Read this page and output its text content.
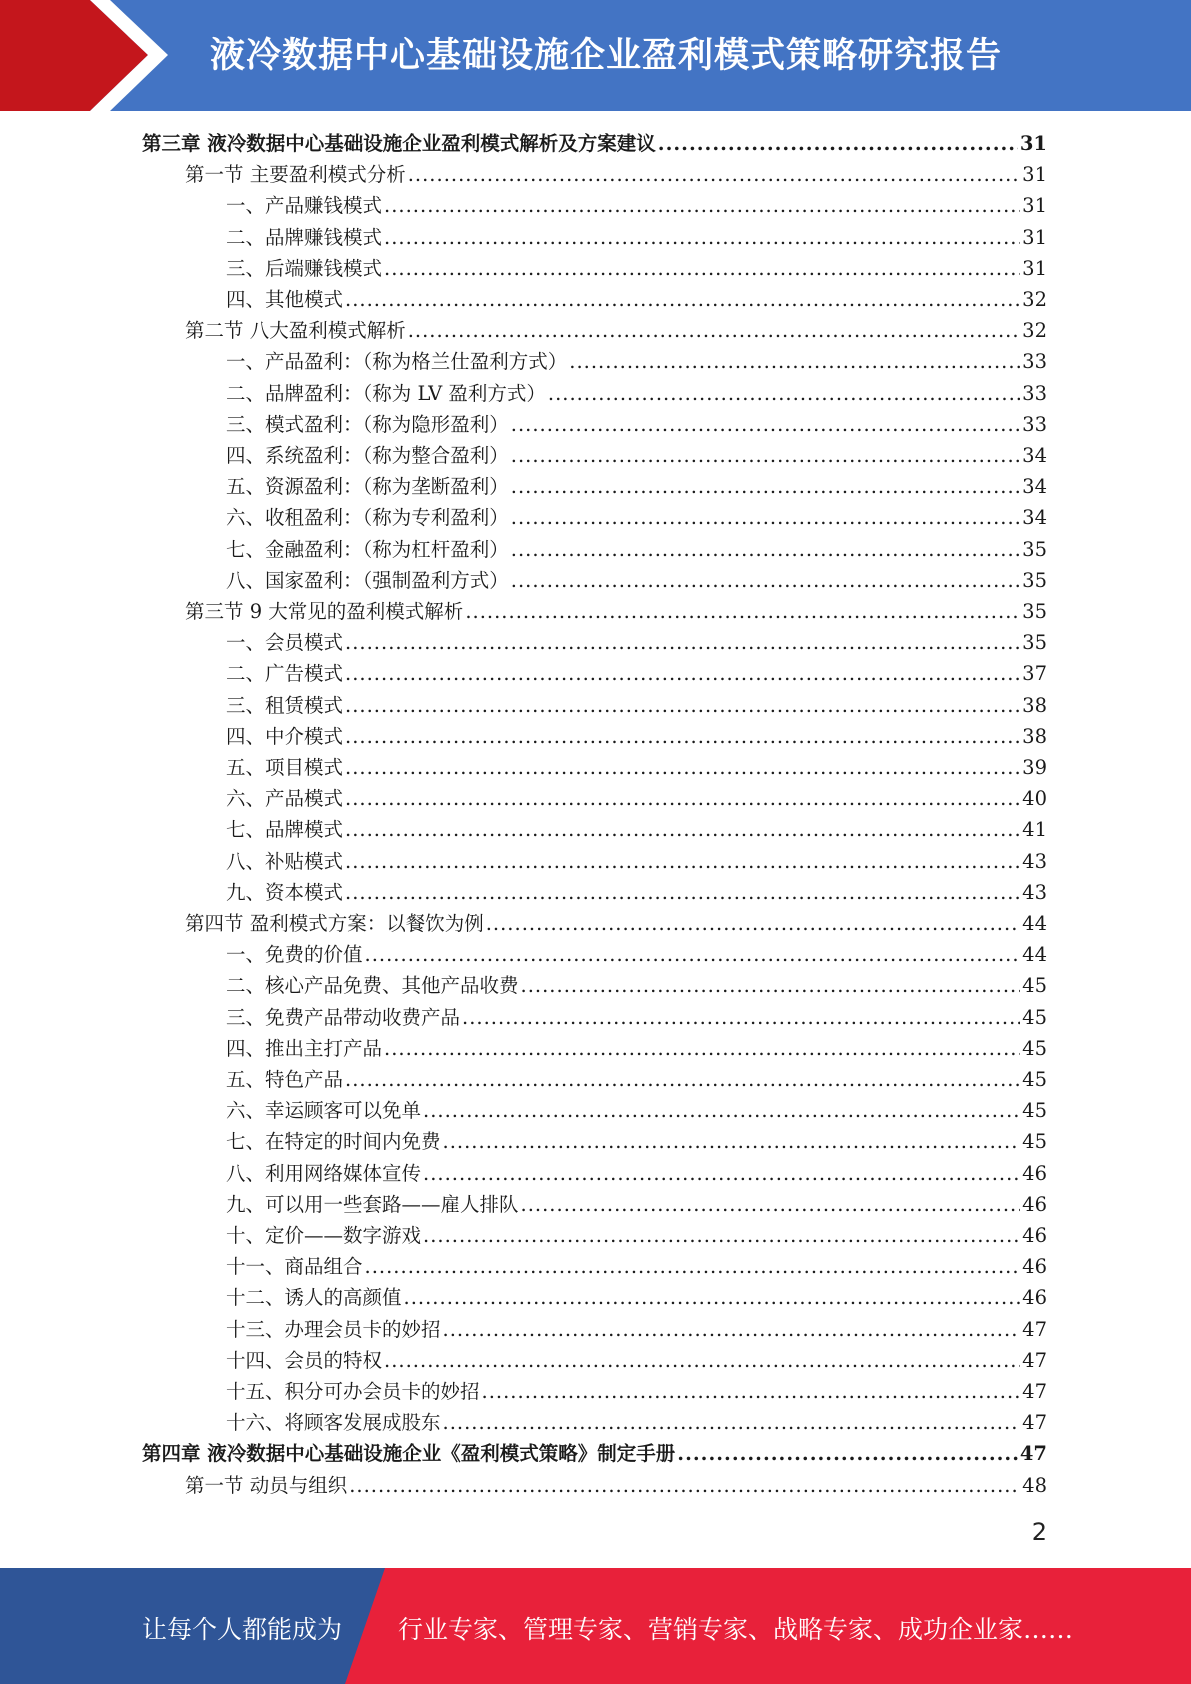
液冷数据中心基础设施企业盈利模式策略研究报告
第三章 液冷数据中心基础设施企业盈利模式解析及方案建议 .....	31
第一节 主要盈利模式分析 .....	31
一、产品赚钱模式 .....	31
二、品牌赚钱模式 .....	31
三、后端赚钱模式 .....	31
四、其他模式 .....	32
第二节 八大盈利模式解析 .....	32
一、产品盈利：（称为格兰仕盈利方式） .....	33
二、品牌盈利：（称为 LV 盈利方式） .....	33
三、模式盈利：（称为隐形盈利） .....	33
四、系统盈利：（称为整合盈利） .....	34
五、资源盈利：（称为垄断盈利） .....	34
六、收租盈利：（称为专利盈利） .....	34
七、金融盈利：（称为杠杆盈利） .....	35
八、国家盈利：（强制盈利方式） .....	35
第三节 9 大常见的盈利模式解析 .....	35
一、会员模式 .....	35
二、广告模式 .....	37
三、租赁模式 .....	38
四、中介模式 .....	38
五、项目模式 .....	39
六、产品模式 .....	40
七、品牌模式 .....	41
八、补贴模式 .....	43
九、资本模式 .....	43
第四节 盈利模式方案：以餐饮为例 .....	44
一、免费的价值 .....	44
二、核心产品免费、其他产品收费 .....	45
三、免费产品带动收费产品 .....	45
四、推出主打产品 .....	45
五、特色产品 .....	45
六、幸运顾客可以免单 .....	45
七、在特定的时间内免费 .....	45
八、利用网络媒体宣传 .....	46
九、可以用一些套路——雇人排队 .....	46
十、定价——数字游戏 .....	46
十一、商品组合 .....	46
十二、诱人的高颜值 .....	46
十三、办理会员卡的妙招 .....	47
十四、会员的特权 .....	47
十五、积分可办会员卡的妙招 .....	47
十六、将顾客发展成股东 .....	47
第四章 液冷数据中心基础设施企业《盈利模式策略》制定手册 .....	47
第一节 动员与组织 .....	48
2
让每个人都能成为 行业专家、管理专家、营销专家、战略专家、成功企业家……
